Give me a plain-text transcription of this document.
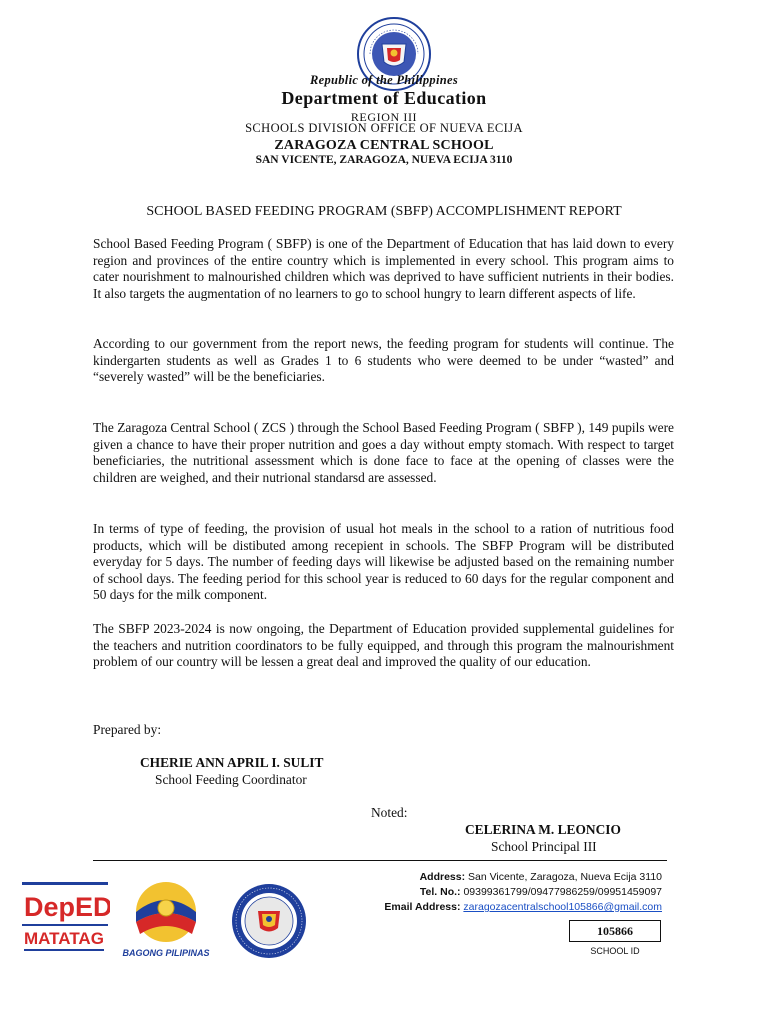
Republic of the Philippines
Department of Education
REGION III
SCHOOLS DIVISION OFFICE OF NUEVA ECIJA
ZARAGOZA CENTRAL SCHOOL
SAN VICENTE, ZARAGOZA, NUEVA ECIJA 3110
SCHOOL BASED FEEDING PROGRAM (SBFP) ACCOMPLISHMENT REPORT

School Based Feeding Program ( SBFP) is one of the Department of Education that has laid down to every region and provinces of the entire country which is implemented in every school. This program aims to cater nourishment to malnourished children which was deprived to have sufficient nutrients in their bodies. It also targets the augmentation of no learners to go to school hungry to learn different aspects of life.

According to our government from the report news, the feeding program for students will continue. The kindergarten students as well as Grades 1 to 6 students who were deemed to be under “wasted” and “severely wasted” will be the beneficiaries.

The Zaragoza Central School ( ZCS ) through the School Based Feeding Program ( SBFP ), 149 pupils were given a chance to have their proper nutrition and goes a day without empty stomach. With respect to target beneficiaries, the nutritional assessment which is done face to face at the opening of classes were the children are weighed, and their nutrional standarsd are assessed.

In terms of type of feeding, the provision of usual hot meals in the school to a ration of nutritious food products, which will be distibuted among recepient in schools. The SBFP Program will be distributed everyday for 5 days. The number of feeding days will likewise be adjusted based on the remaining number of school days. The feeding period for this school year is reduced to 60 days for the regular component and 50 days for the milk component.

The SBFP 2023-2024 is now ongoing, the Department of Education provided supplemental guidelines for the teachers and nutrition coordinators to be fully equipped, and through this program the malnourishment problem of our country will be lessen a great deal and improved the quality of our education.

Prepared by:
CHERIE ANN APRIL I. SULIT
School Feeding Coordinator
Noted:
CELERINA M. LEONCIO
School Principal III
DepED
MATATAG
BAGONG PILIPINAS
Address: San Vicente, Zaragoza, Nueva Ecija 3110
Tel. No.: 09399361799/09477986259/09951459097
Email Address: zaragozacentralschool105866@gmail.com
105866
SCHOOL ID
